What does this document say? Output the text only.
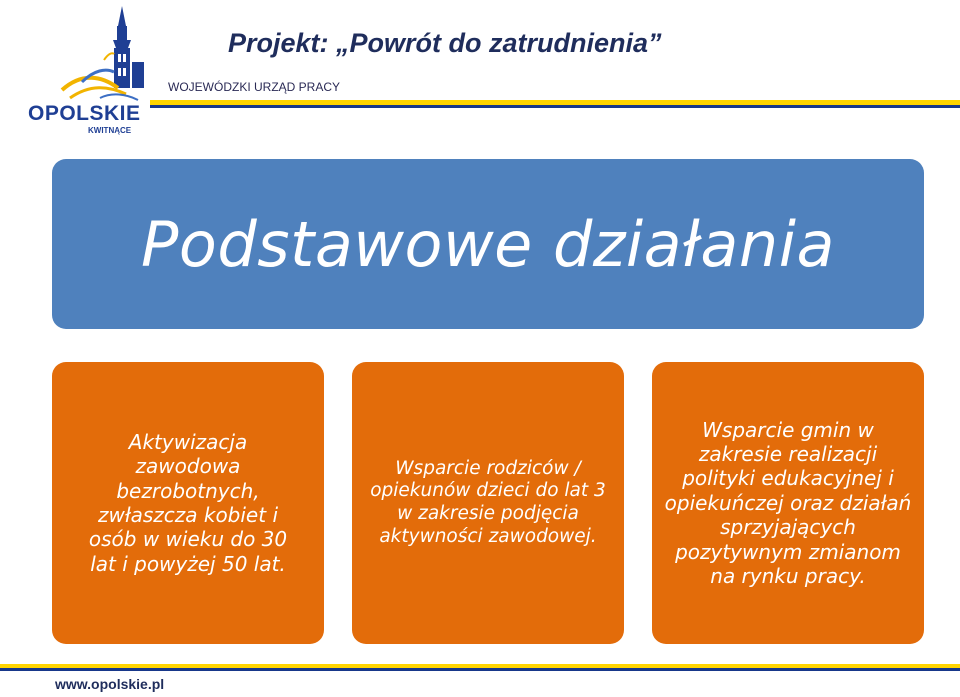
OPOLSKIE
KWITNĄCE
Projekt: „Powrót do zatrudnienia”
WOJEWÓDZKI URZĄD PRACY
Podstawowe działania
Aktywizacja zawodowa bezrobotnych, zwłaszcza kobiet i osób w wieku do 30 lat i powyżej 50 lat.
Wsparcie rodziców / opiekunów dzieci do lat 3 w zakresie podjęcia aktywności zawodowej.
Wsparcie gmin w zakresie realizacji polityki edukacyjnej i opiekuńczej oraz działań sprzyjających pozytywnym zmianom na rynku pracy.
www.opolskie.pl
